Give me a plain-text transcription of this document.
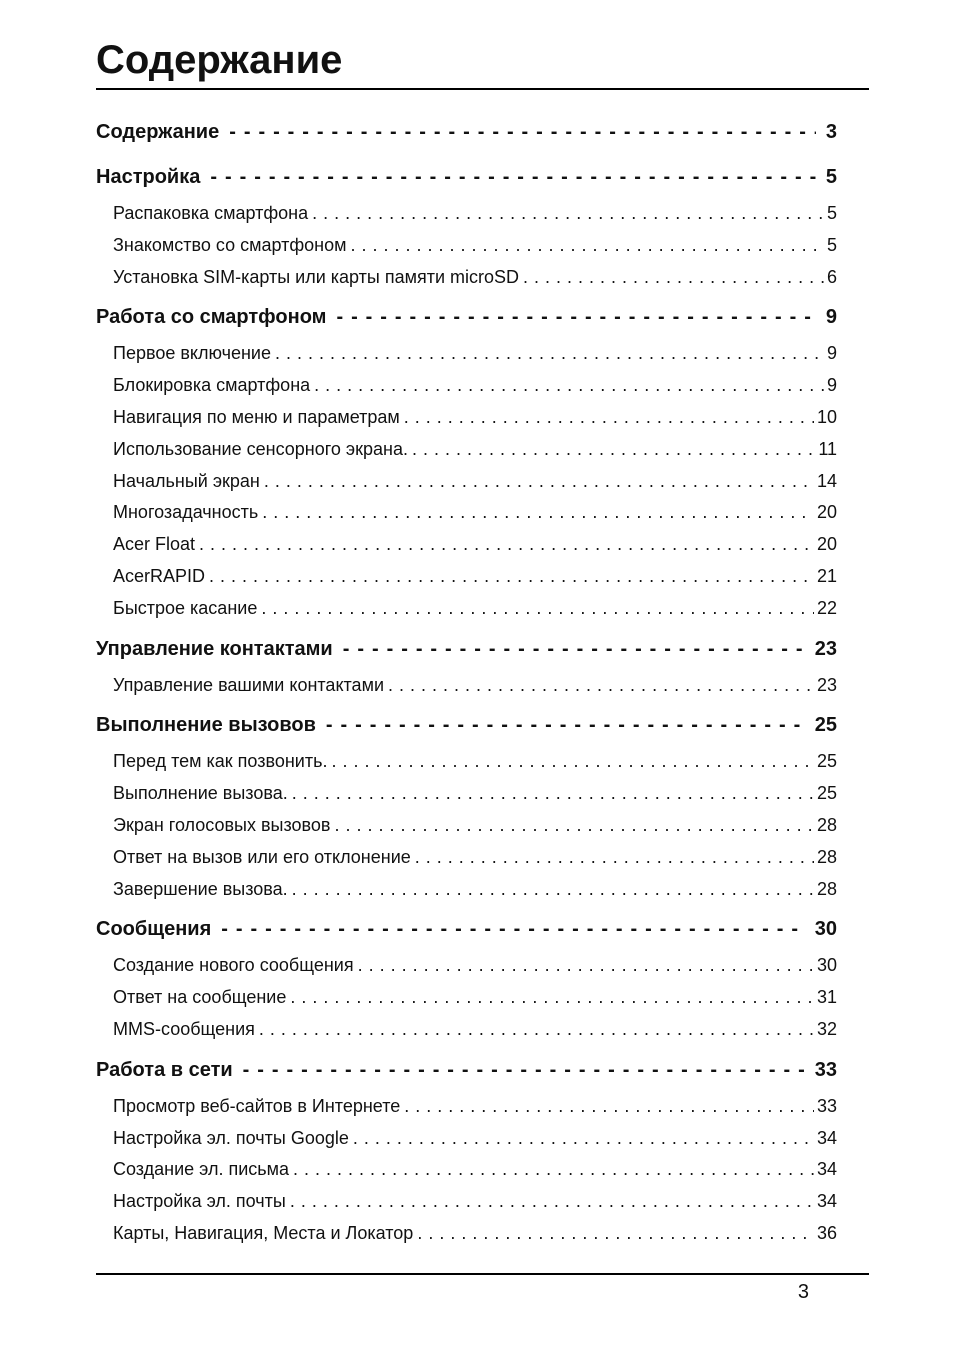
Содержание
Содержание - - -	3
Настройка - - -	5
Распаковка смартфона . . .	5
Знакомство со смартфоном . . .	5
Установка SIM-карты или карты памяти microSD . . .	6
Работа со смартфоном - - -	9
Первое включение . . .	9
Блокировка смартфона . . .	9
Навигация по меню и параметрам . . .	10
Использование сенсорного экрана. . . .	11
Начальный экран . . .	14
Многозадачность . . .	20
Acer Float . . .	20
AcerRAPID . . .	21
Быстрое касание . . .	22
Управление контактами - - -	23
Управление вашими контактами . . .	23
Выполнение вызовов - - -	25
Перед тем как позвонить. . . .	25
Выполнение вызова. . . .	25
Экран голосовых вызовов . . .	28
Ответ на вызов или его отклонение . . .	28
Завершение вызова. . . .	28
Сообщения - - -	30
Создание нового сообщения . . .	30
Ответ на сообщение . . .	31
MMS-сообщения . . .	32
Работа в сети - - -	33
Просмотр веб-сайтов в Интернете . . .	33
Настройка эл. почты Google . . .	34
Создание эл. письма . . .	34
Настройка эл. почты . . .	34
Карты, Навигация, Места и Локатор . . .	36
3
